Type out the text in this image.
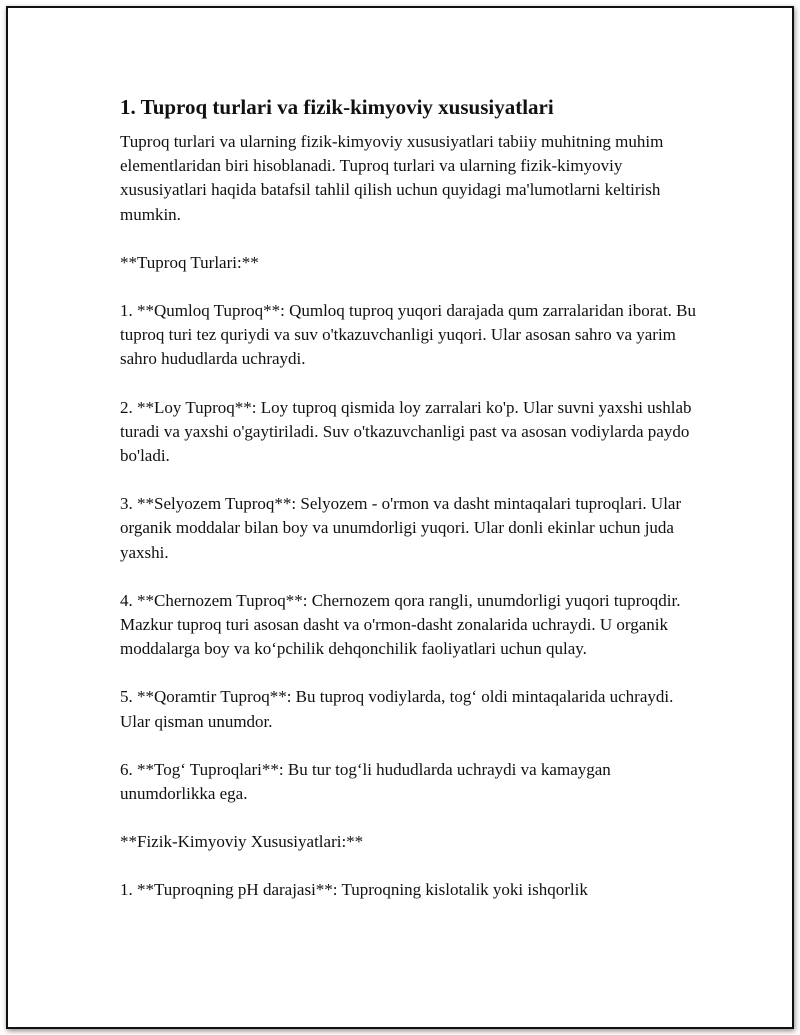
1. Tuproq turlari va fizik-kimyoviy xususiyatlari

Tuproq turlari va ularning fizik-kimyoviy xususiyatlari tabiiy muhitning muhim elementlaridan biri hisoblanadi. Tuproq turlari va ularning fizik-kimyoviy xususiyatlari haqida batafsil tahlil qilish uchun quyidagi ma'lumotlarni keltirish mumkin.

**Tuproq Turlari:**

1. **Qumloq Tuproq**: Qumloq tuproq yuqori darajada qum zarralaridan iborat. Bu tuproq turi tez quriydi va suv o'tkazuvchanligi yuqori. Ular asosan sahro va yarim sahro hududlarda uchraydi.

2. **Loy Tuproq**: Loy tuproq qismida loy zarralari ko'p. Ular suvni yaxshi ushlab turadi va yaxshi o'gaytiriladi. Suv o'tkazuvchanligi past va asosan vodiylarda paydo bo'ladi.

3. **Selyozem Tuproq**: Selyozem - o'rmon va dasht mintaqalari tuproqlari. Ular organik moddalar bilan boy va unumdorligi yuqori. Ular donli ekinlar uchun juda yaxshi.

4. **Chernozem Tuproq**: Chernozem qora rangli, unumdorligi yuqori tuproqdir. Mazkur tuproq turi asosan dasht va o'rmon-dasht zonalarida uchraydi. U organik moddalarga boy va koʻpchilik dehqonchilik faoliyatlari uchun qulay.

5. **Qoramtir Tuproq**: Bu tuproq vodiylarda, togʻ oldi mintaqalarida uchraydi. Ular qisman unumdor.

6. **Togʻ Tuproqlari**: Bu tur togʻli hududlarda uchraydi va kamaygan unumdorlikka ega.

**Fizik-Kimyoviy Xususiyatlari:**

1. **Tuproqning pH darajasi**: Tuproqning kislotalik yoki ishqorlik
